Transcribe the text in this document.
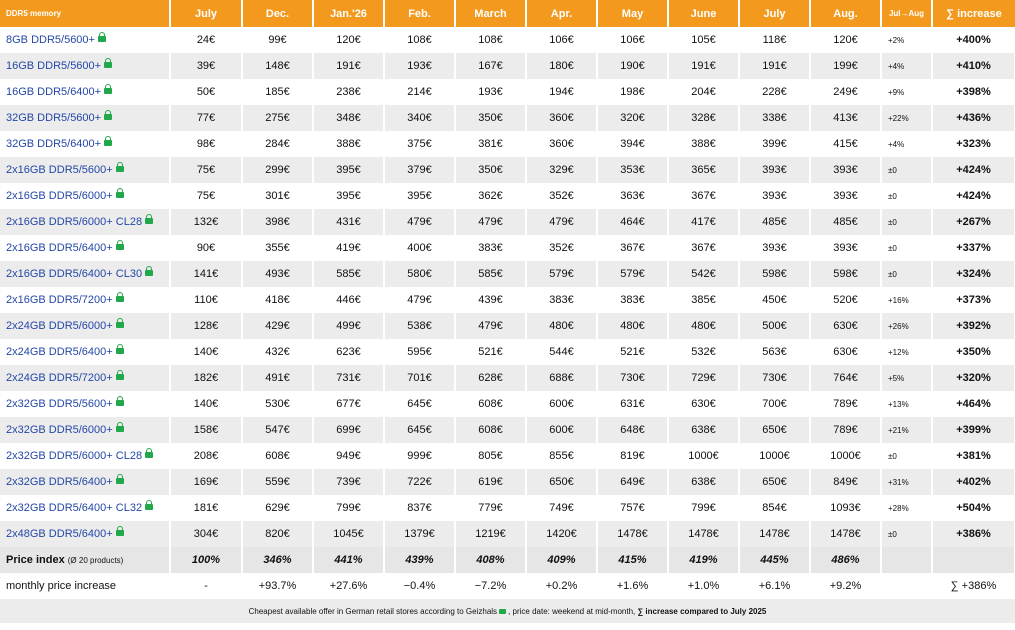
DDR5 memory	July	Dec.	Jan.'26	Feb.	March	Apr.	May	June	July	Aug.	Jul→Aug	∑ increase
8GB DDR5/5600+	24€	99€	120€	108€	108€	106€	106€	105€	118€	120€	+2%	+400%
16GB DDR5/5600+	39€	148€	191€	193€	167€	180€	190€	191€	191€	199€	+4%	+410%
16GB DDR5/6400+	50€	185€	238€	214€	193€	194€	198€	204€	228€	249€	+9%	+398%
32GB DDR5/5600+	77€	275€	348€	340€	350€	360€	320€	328€	338€	413€	+22%	+436%
32GB DDR5/6400+	98€	284€	388€	375€	381€	360€	394€	388€	399€	415€	+4%	+323%
2x16GB DDR5/5600+	75€	299€	395€	379€	350€	329€	353€	365€	393€	393€	±0	+424%
2x16GB DDR5/6000+	75€	301€	395€	395€	362€	352€	363€	367€	393€	393€	±0	+424%
2x16GB DDR5/6000+ CL28	132€	398€	431€	479€	479€	479€	464€	417€	485€	485€	±0	+267%
2x16GB DDR5/6400+	90€	355€	419€	400€	383€	352€	367€	367€	393€	393€	±0	+337%
2x16GB DDR5/6400+ CL30	141€	493€	585€	580€	585€	579€	579€	542€	598€	598€	±0	+324%
2x16GB DDR5/7200+	110€	418€	446€	479€	439€	383€	383€	385€	450€	520€	+16%	+373%
2x24GB DDR5/6000+	128€	429€	499€	538€	479€	480€	480€	480€	500€	630€	+26%	+392%
2x24GB DDR5/6400+	140€	432€	623€	595€	521€	544€	521€	532€	563€	630€	+12%	+350%
2x24GB DDR5/7200+	182€	491€	731€	701€	628€	688€	730€	729€	730€	764€	+5%	+320%
2x32GB DDR5/5600+	140€	530€	677€	645€	608€	600€	631€	630€	700€	789€	+13%	+464%
2x32GB DDR5/6000+	158€	547€	699€	645€	608€	600€	648€	638€	650€	789€	+21%	+399%
2x32GB DDR5/6000+ CL28	208€	608€	949€	999€	805€	855€	819€	1000€	1000€	1000€	±0	+381%
2x32GB DDR5/6400+	169€	559€	739€	722€	619€	650€	649€	638€	650€	849€	+31%	+402%
2x32GB DDR5/6400+ CL32	181€	629€	799€	837€	779€	749€	757€	799€	854€	1093€	+28%	+504%
2x48GB DDR5/6400+	304€	820€	1045€	1379€	1219€	1420€	1478€	1478€	1478€	1478€	±0	+386%
Price index (Ø 20 products)	100%	346%	441%	439%	408%	409%	415%	419%	445%	486%		
monthly price increase	-	+93.7%	+27.6%	−0.4%	−7.2%	+0.2%	+1.6%	+1.0%	+6.1%	+9.2%		∑ +386%
Cheapest available offer in German retail stores according to Geizhals , price date: weekend at mid-month, ∑ increase compared to July 2025												
